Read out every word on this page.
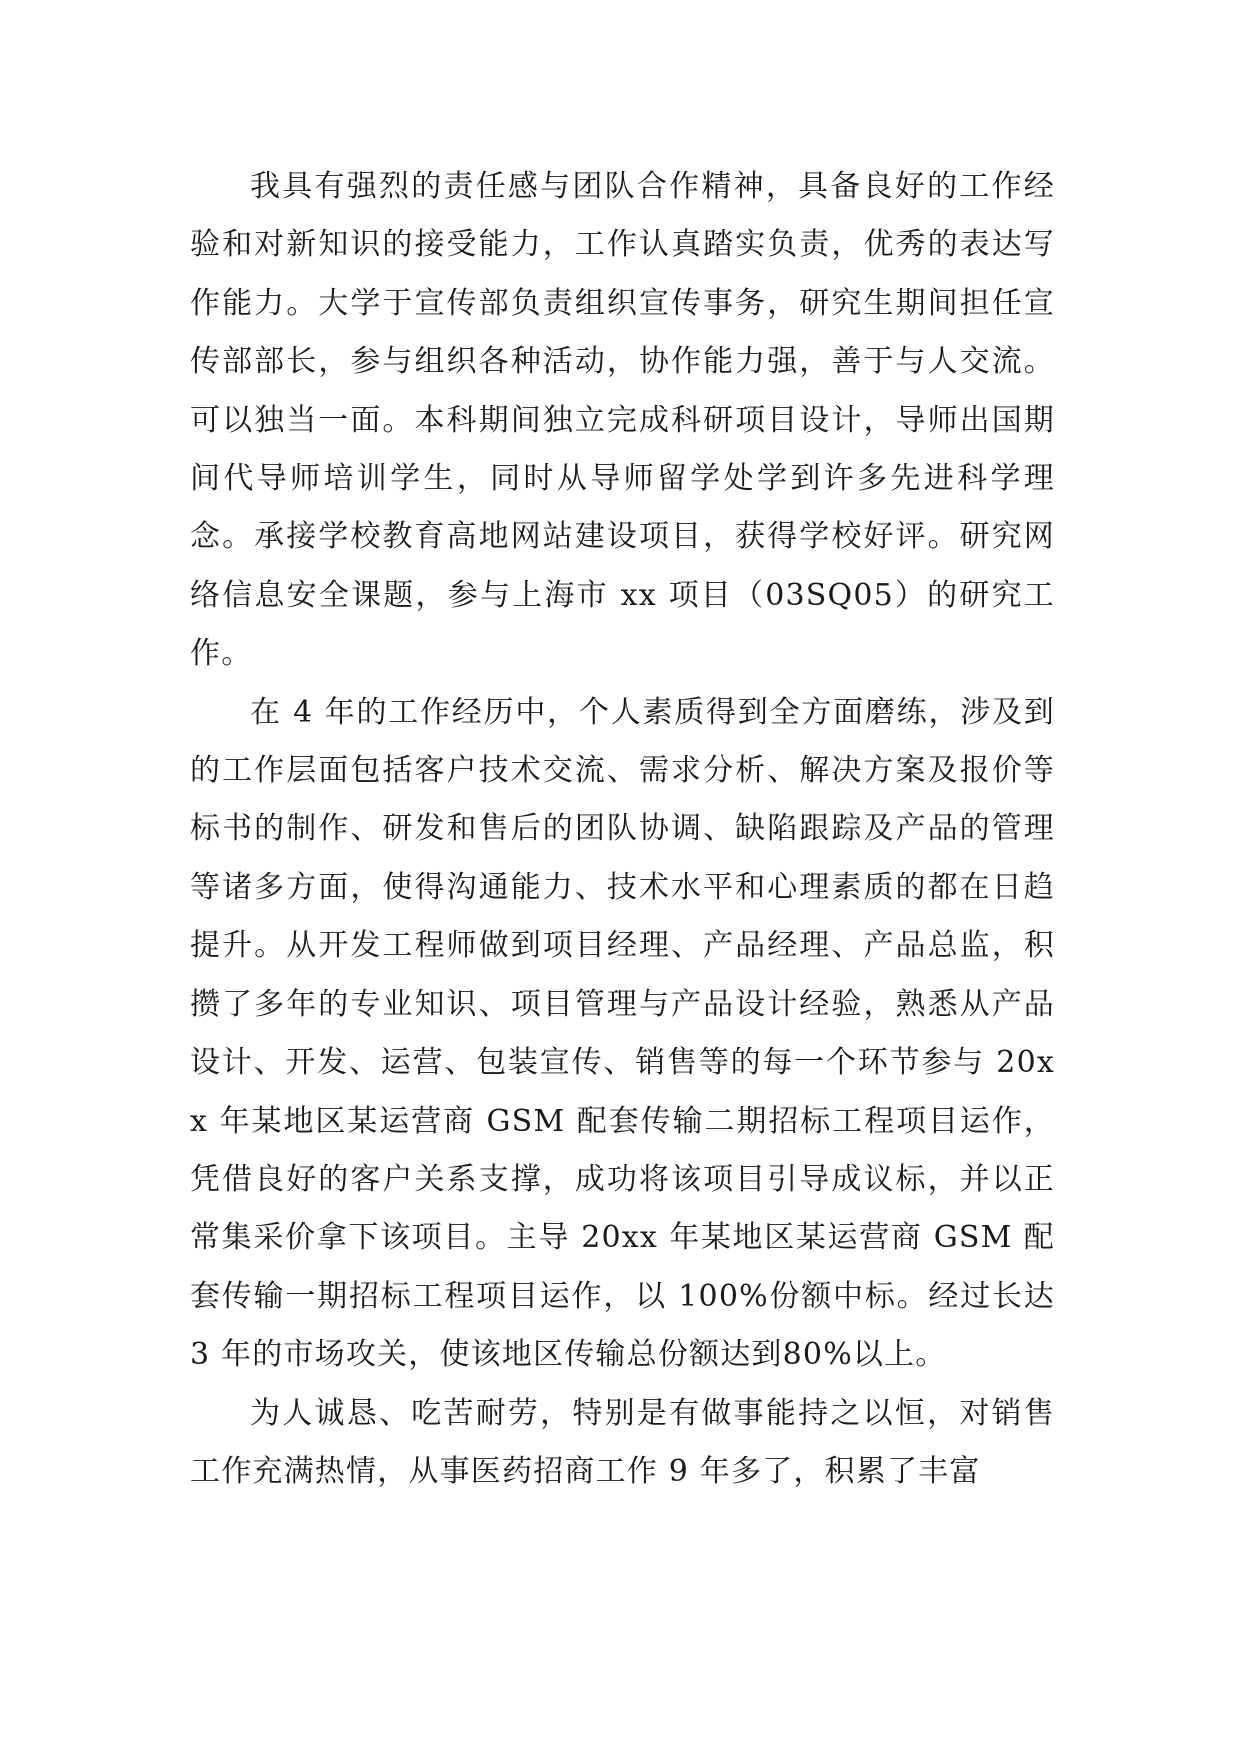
我具有强烈的责任感与团队合作精神，具备良好的工作经验和对新知识的接受能力，工作认真踏实负责，优秀的表达写作能力。大学于宣传部负责组织宣传事务，研究生期间担任宣传部部长，参与组织各种活动，协作能力强，善于与人交流。可以独当一面。本科期间独立完成科研项目设计，导师出国期间代导师培训学生，同时从导师留学处学到许多先进科学理念。承接学校教育高地网站建设项目，获得学校好评。研究网络信息安全课题，参与上海市 xx 项目（03SQ05）的研究工作。

在 4 年的工作经历中，个人素质得到全方面磨练，涉及到的工作层面包括客户技术交流、需求分析、解决方案及报价等标书的制作、研发和售后的团队协调、缺陷跟踪及产品的管理等诸多方面，使得沟通能力、技术水平和心理素质的都在日趋提升。从开发工程师做到项目经理、产品经理、产品总监，积攒了多年的专业知识、项目管理与产品设计经验，熟悉从产品设计、开发、运营、包装宣传、销售等的每一个环节参与 20xx 年某地区某运营商 GSM 配套传输二期招标工程项目运作，凭借良好的客户关系支撑，成功将该项目引导成议标，并以正常集采价拿下该项目。主导 20xx 年某地区某运营商 GSM 配套传输一期招标工程项目运作，以 100%份额中标。经过长达 3 年的市场攻关，使该地区传输总份额达到80%以上。

为人诚恳、吃苦耐劳，特别是有做事能持之以恒，对销售工作充满热情，从事医药招商工作 9 年多了，积累了丰富
